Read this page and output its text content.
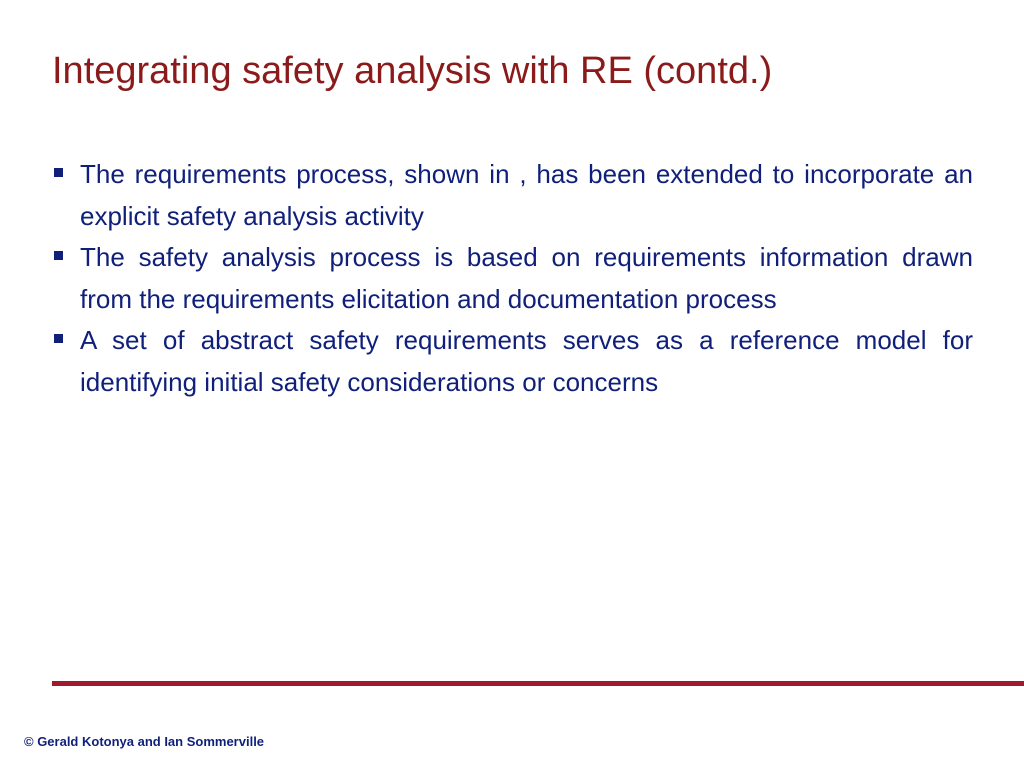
Integrating safety analysis with RE (contd.)
The requirements process, shown in , has been extended to incorporate an explicit safety analysis activity
The safety analysis process is based on requirements information drawn from the requirements elicitation and documentation process
A set of abstract safety requirements serves as a reference model for identifying initial safety considerations or concerns

© Gerald Kotonya and Ian Sommerville
